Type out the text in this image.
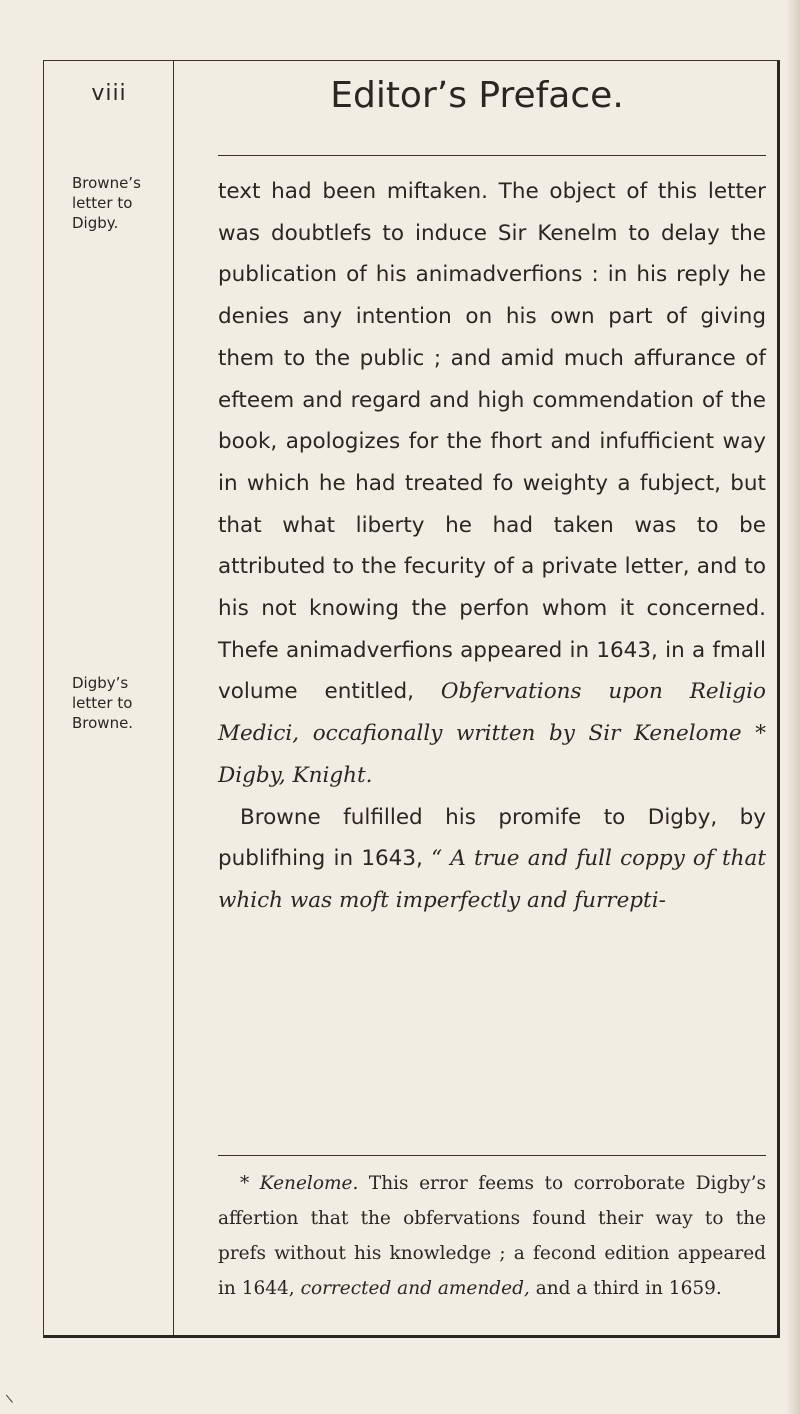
viii
Browne’s letter to Digby.
Digby’s letter to Browne.
Editor’s Preface.

text had been miftaken. The object of this letter was doubtlefs to induce Sir Kenelm to delay the publication of his animadverfions : in his reply he denies any intention on his own part of giving them to the public ; and amid much affurance of efteem and regard and high commendation of the book, apologizes for the fhort and infufficient way in which he had treated fo weighty a fubject, but that what liberty he had taken was to be attributed to the fecurity of a private letter, and to his not knowing the perfon whom it concerned. Thefe animadverfions appeared in 1643, in a fmall volume entitled, Obfervations upon Religio Medici, occafionally written by Sir Kenelome * Digby, Knight.

Browne fulfilled his promife to Digby, by publifhing in 1643, “ A true and full coppy of that which was moft imperfectly and furrepti-

* Kenelome. This error feems to corroborate Digby’s affertion that the obfervations found their way to the prefs without his knowledge ; a fecond edition appeared in 1644, corrected and amended, and a third in 1659.
